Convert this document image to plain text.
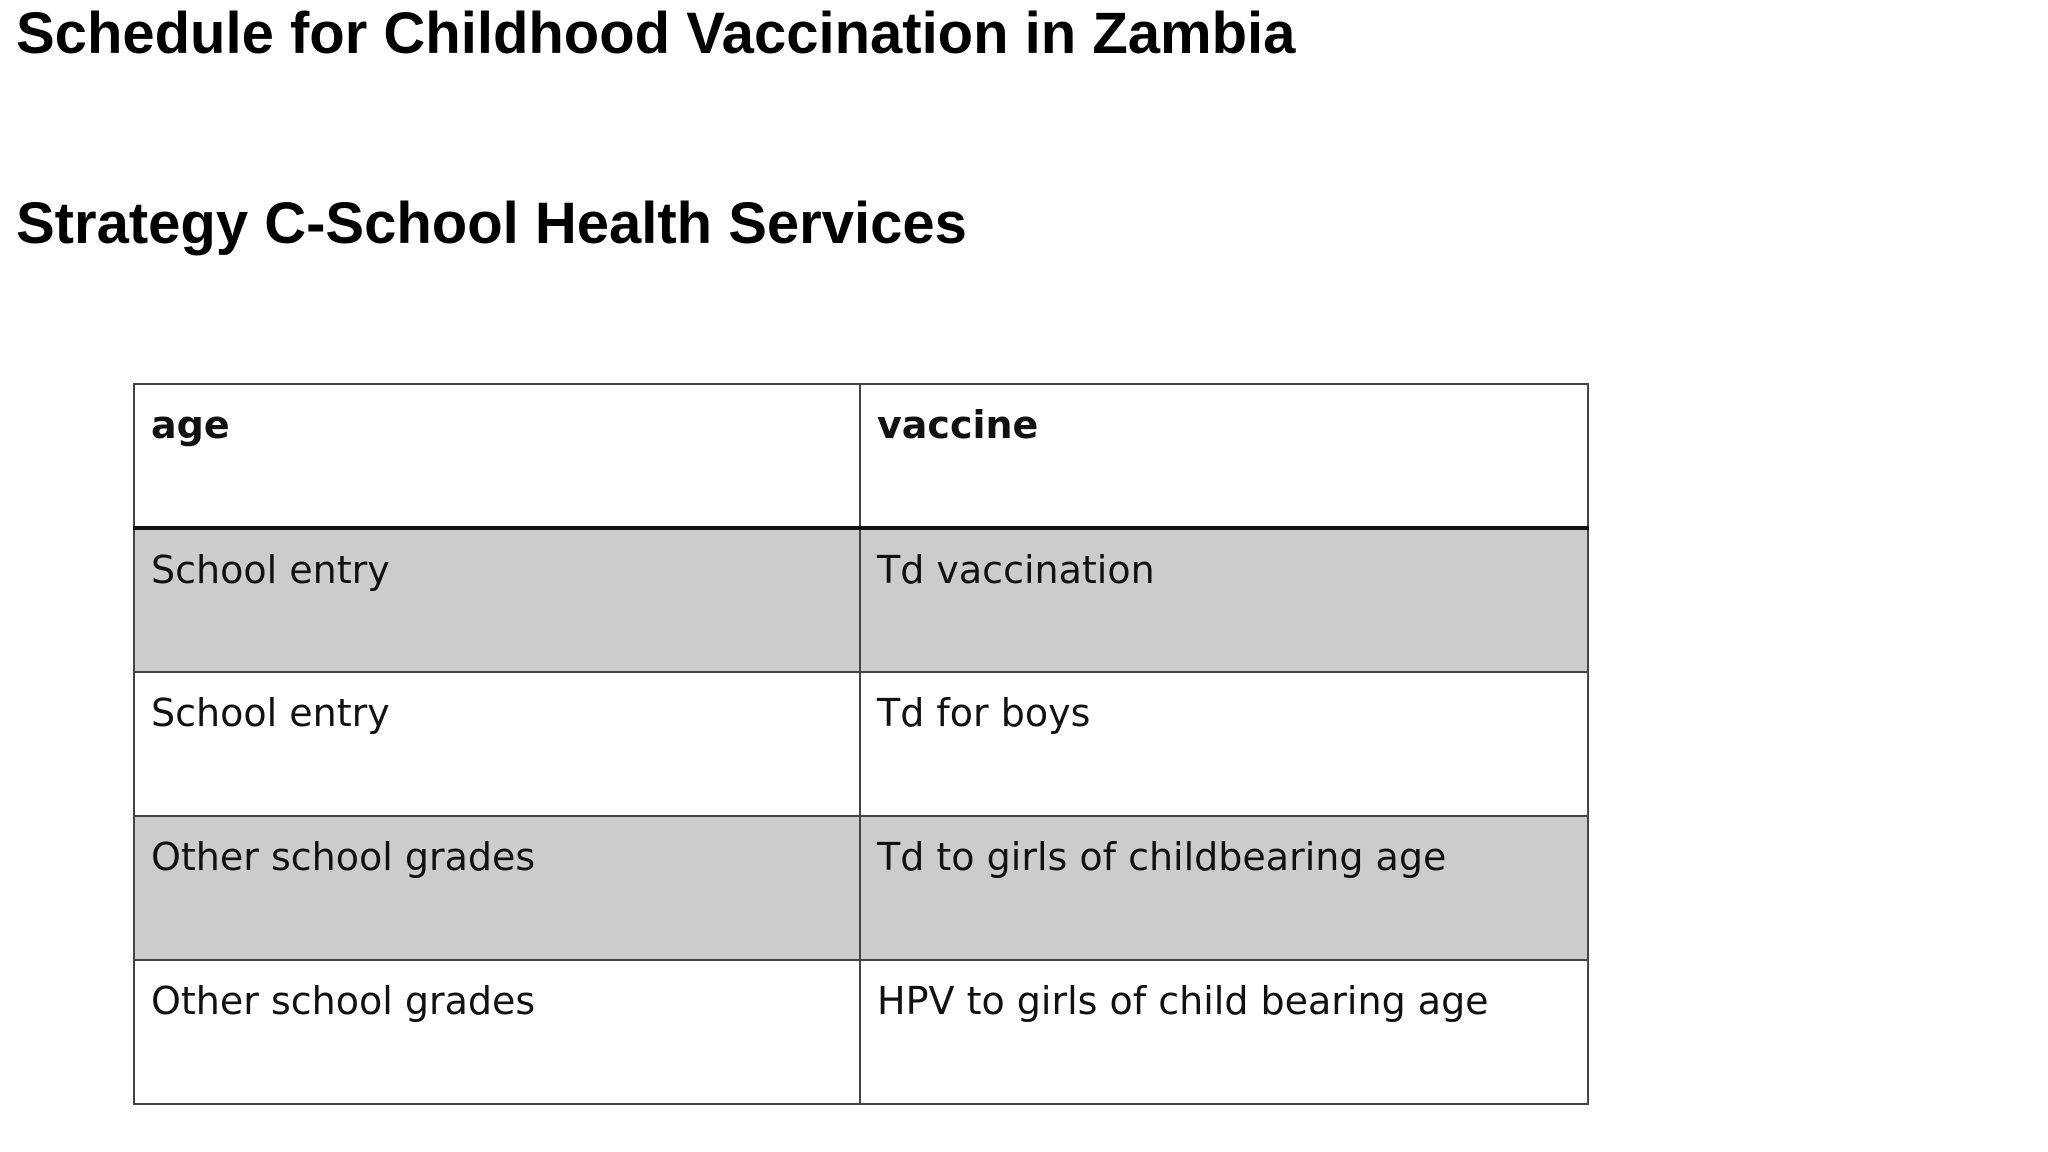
Schedule for Childhood Vaccination in Zambia
Strategy C-School Health Services
age	vaccine
School entry	Td vaccination
School entry	Td for boys
Other school grades	Td to girls of childbearing age
Other school grades	HPV to girls of child bearing age
